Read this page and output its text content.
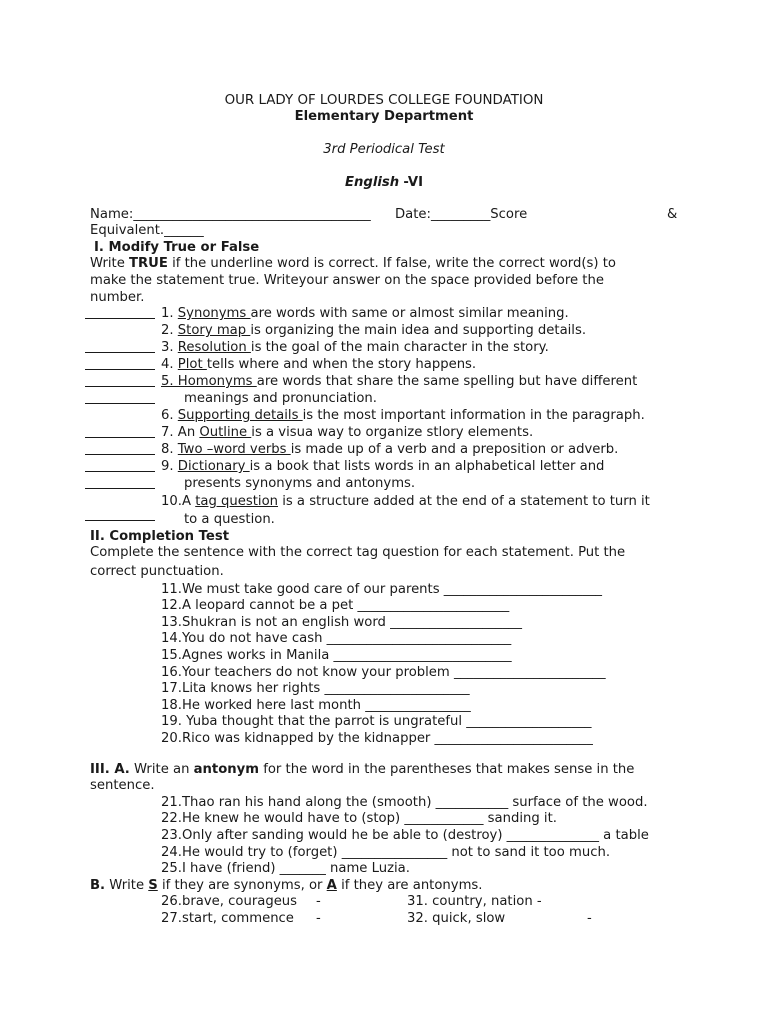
OUR LADY OF LOURDES COLLEGE FOUNDATION
Elementary Department
3rd Periodical Test
English -VI
Name:____________________________________ Date:_________Score	&
Equivalent.______
I. Modify True or False
Write TRUE if the underline word is correct. If false, write the correct word(s) to
make the statement true. Writeyour answer on the space provided before the
number.
1. Synonyms are words with same or almost similar meaning.
2. Story map is organizing the main idea and supporting details.
3. Resolution is the goal of the main character in the story.
4. Plot tells where and when the story happens.
5. Homonyms are words that share the same spelling but have different
meanings and pronunciation.
6. Supporting details is the most important information in the paragraph.
7. An Outline is a visua way to organize stlory elements.
8. Two –word verbs is made up of a verb and a preposition or adverb.
9. Dictionary is a book that lists words in an alphabetical letter and
presents synonyms and antonyms.
10.A tag question is a structure added at the end of a statement to turn it
to a question.
II. Completion Test
Complete the sentence with the correct tag question for each statement. Put the
correct punctuation.
11.We must take good care of our parents ________________________
12.A leopard cannot be a pet _______________________
13.Shukran is not an english word ____________________
14.You do not have cash ____________________________
15.Agnes works in Manila ___________________________
16.Your teachers do not know your problem _______________________
17.Lita knows her rights ______________________
18.He worked here last month ________________
19. Yuba thought that the parrot is ungrateful ___________________
20.Rico was kidnapped by the kidnapper ________________________
III. A. Write an antonym for the word in the parentheses that makes sense in the
sentence.
21.Thao ran his hand along the (smooth) ___________ surface of the wood.
22.He knew he would have to (stop) ____________ sanding it.
23.Only after sanding would he be able to (destroy) ______________ a table
24.He would try to (forget) ________________ not to sand it too much.
25.I have (friend) _______ name Luzia.
B. Write S if they are synonyms, or A if they are antonyms.
26.brave, courageus -	31. country, nation -
27.start, commence -	32. quick, slow	-
